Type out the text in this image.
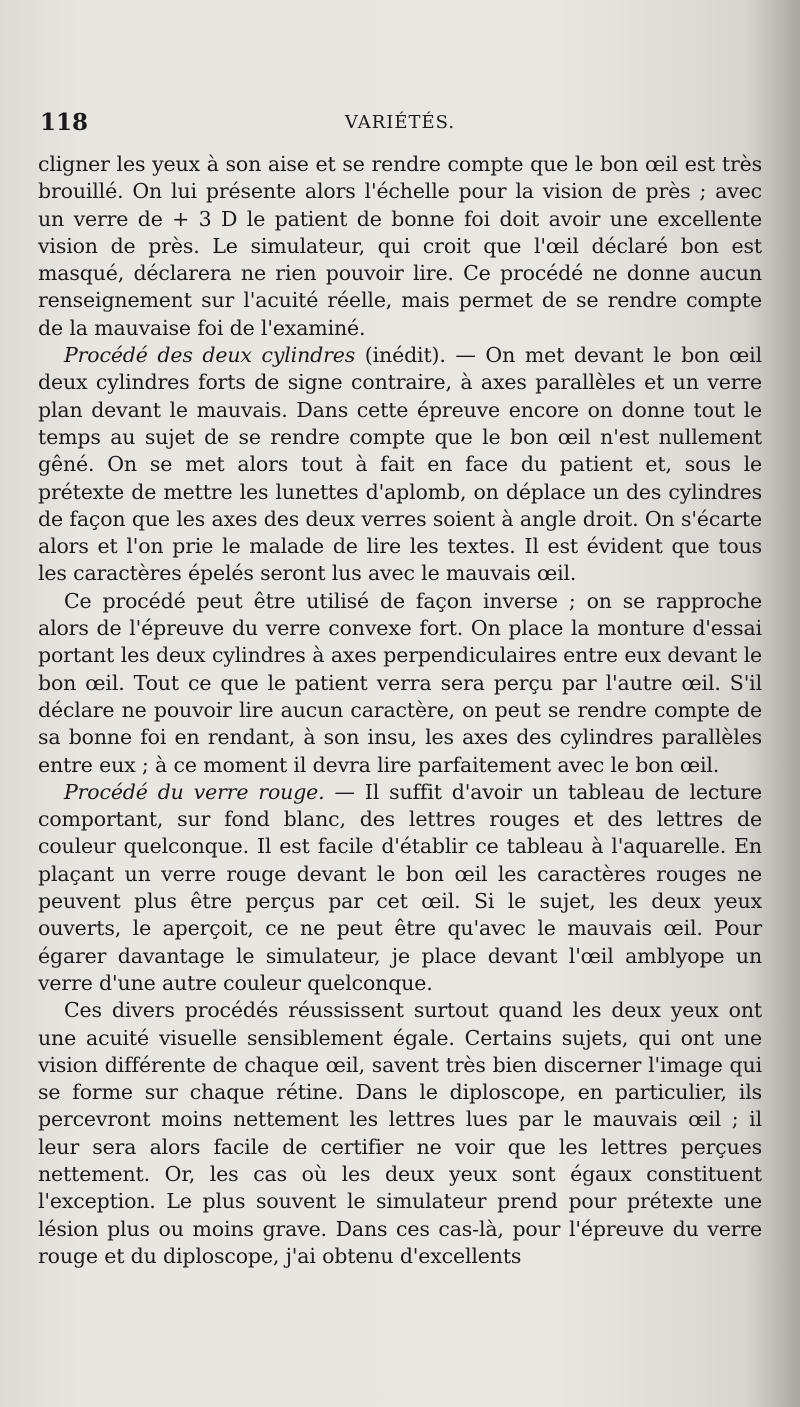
118	VARIÉTÉS.

cligner les yeux à son aise et se rendre compte que le bon œil est très brouillé. On lui présente alors l'échelle pour la vision de près ; avec un verre de + 3 D le patient de bonne foi doit avoir une excellente vision de près. Le simulateur, qui croit que l'œil déclaré bon est masqué, déclarera ne rien pouvoir lire. Ce procédé ne donne aucun renseignement sur l'acuité réelle, mais permet de se rendre compte de la mauvaise foi de l'examiné.

Procédé des deux cylindres (inédit). — On met devant le bon œil deux cylindres forts de signe contraire, à axes parallèles et un verre plan devant le mauvais. Dans cette épreuve encore on donne tout le temps au sujet de se rendre compte que le bon œil n'est nullement gêné. On se met alors tout à fait en face du patient et, sous le prétexte de mettre les lunettes d'aplomb, on déplace un des cylindres de façon que les axes des deux verres soient à angle droit. On s'écarte alors et l'on prie le malade de lire les textes. Il est évident que tous les caractères épelés seront lus avec le mauvais œil.

Ce procédé peut être utilisé de façon inverse ; on se rapproche alors de l'épreuve du verre convexe fort. On place la monture d'essai portant les deux cylindres à axes perpendiculaires entre eux devant le bon œil. Tout ce que le patient verra sera perçu par l'autre œil. S'il déclare ne pouvoir lire aucun caractère, on peut se rendre compte de sa bonne foi en rendant, à son insu, les axes des cylindres parallèles entre eux ; à ce moment il devra lire parfaitement avec le bon œil.

Procédé du verre rouge. — Il suffit d'avoir un tableau de lecture comportant, sur fond blanc, des lettres rouges et des lettres de couleur quelconque. Il est facile d'établir ce tableau à l'aquarelle. En plaçant un verre rouge devant le bon œil les caractères rouges ne peuvent plus être perçus par cet œil. Si le sujet, les deux yeux ouverts, le aperçoit, ce ne peut être qu'avec le mauvais œil. Pour égarer davantage le simulateur, je place devant l'œil amblyope un verre d'une autre couleur quelconque.

Ces divers procédés réussissent surtout quand les deux yeux ont une acuité visuelle sensiblement égale. Certains sujets, qui ont une vision différente de chaque œil, savent très bien discerner l'image qui se forme sur chaque rétine. Dans le diploscope, en particulier, ils percevront moins nettement les lettres lues par le mauvais œil ; il leur sera alors facile de certifier ne voir que les lettres perçues nettement. Or, les cas où les deux yeux sont égaux constituent l'exception. Le plus souvent le simulateur prend pour prétexte une lésion plus ou moins grave. Dans ces cas-là, pour l'épreuve du verre rouge et du diploscope, j'ai obtenu d'excellents
